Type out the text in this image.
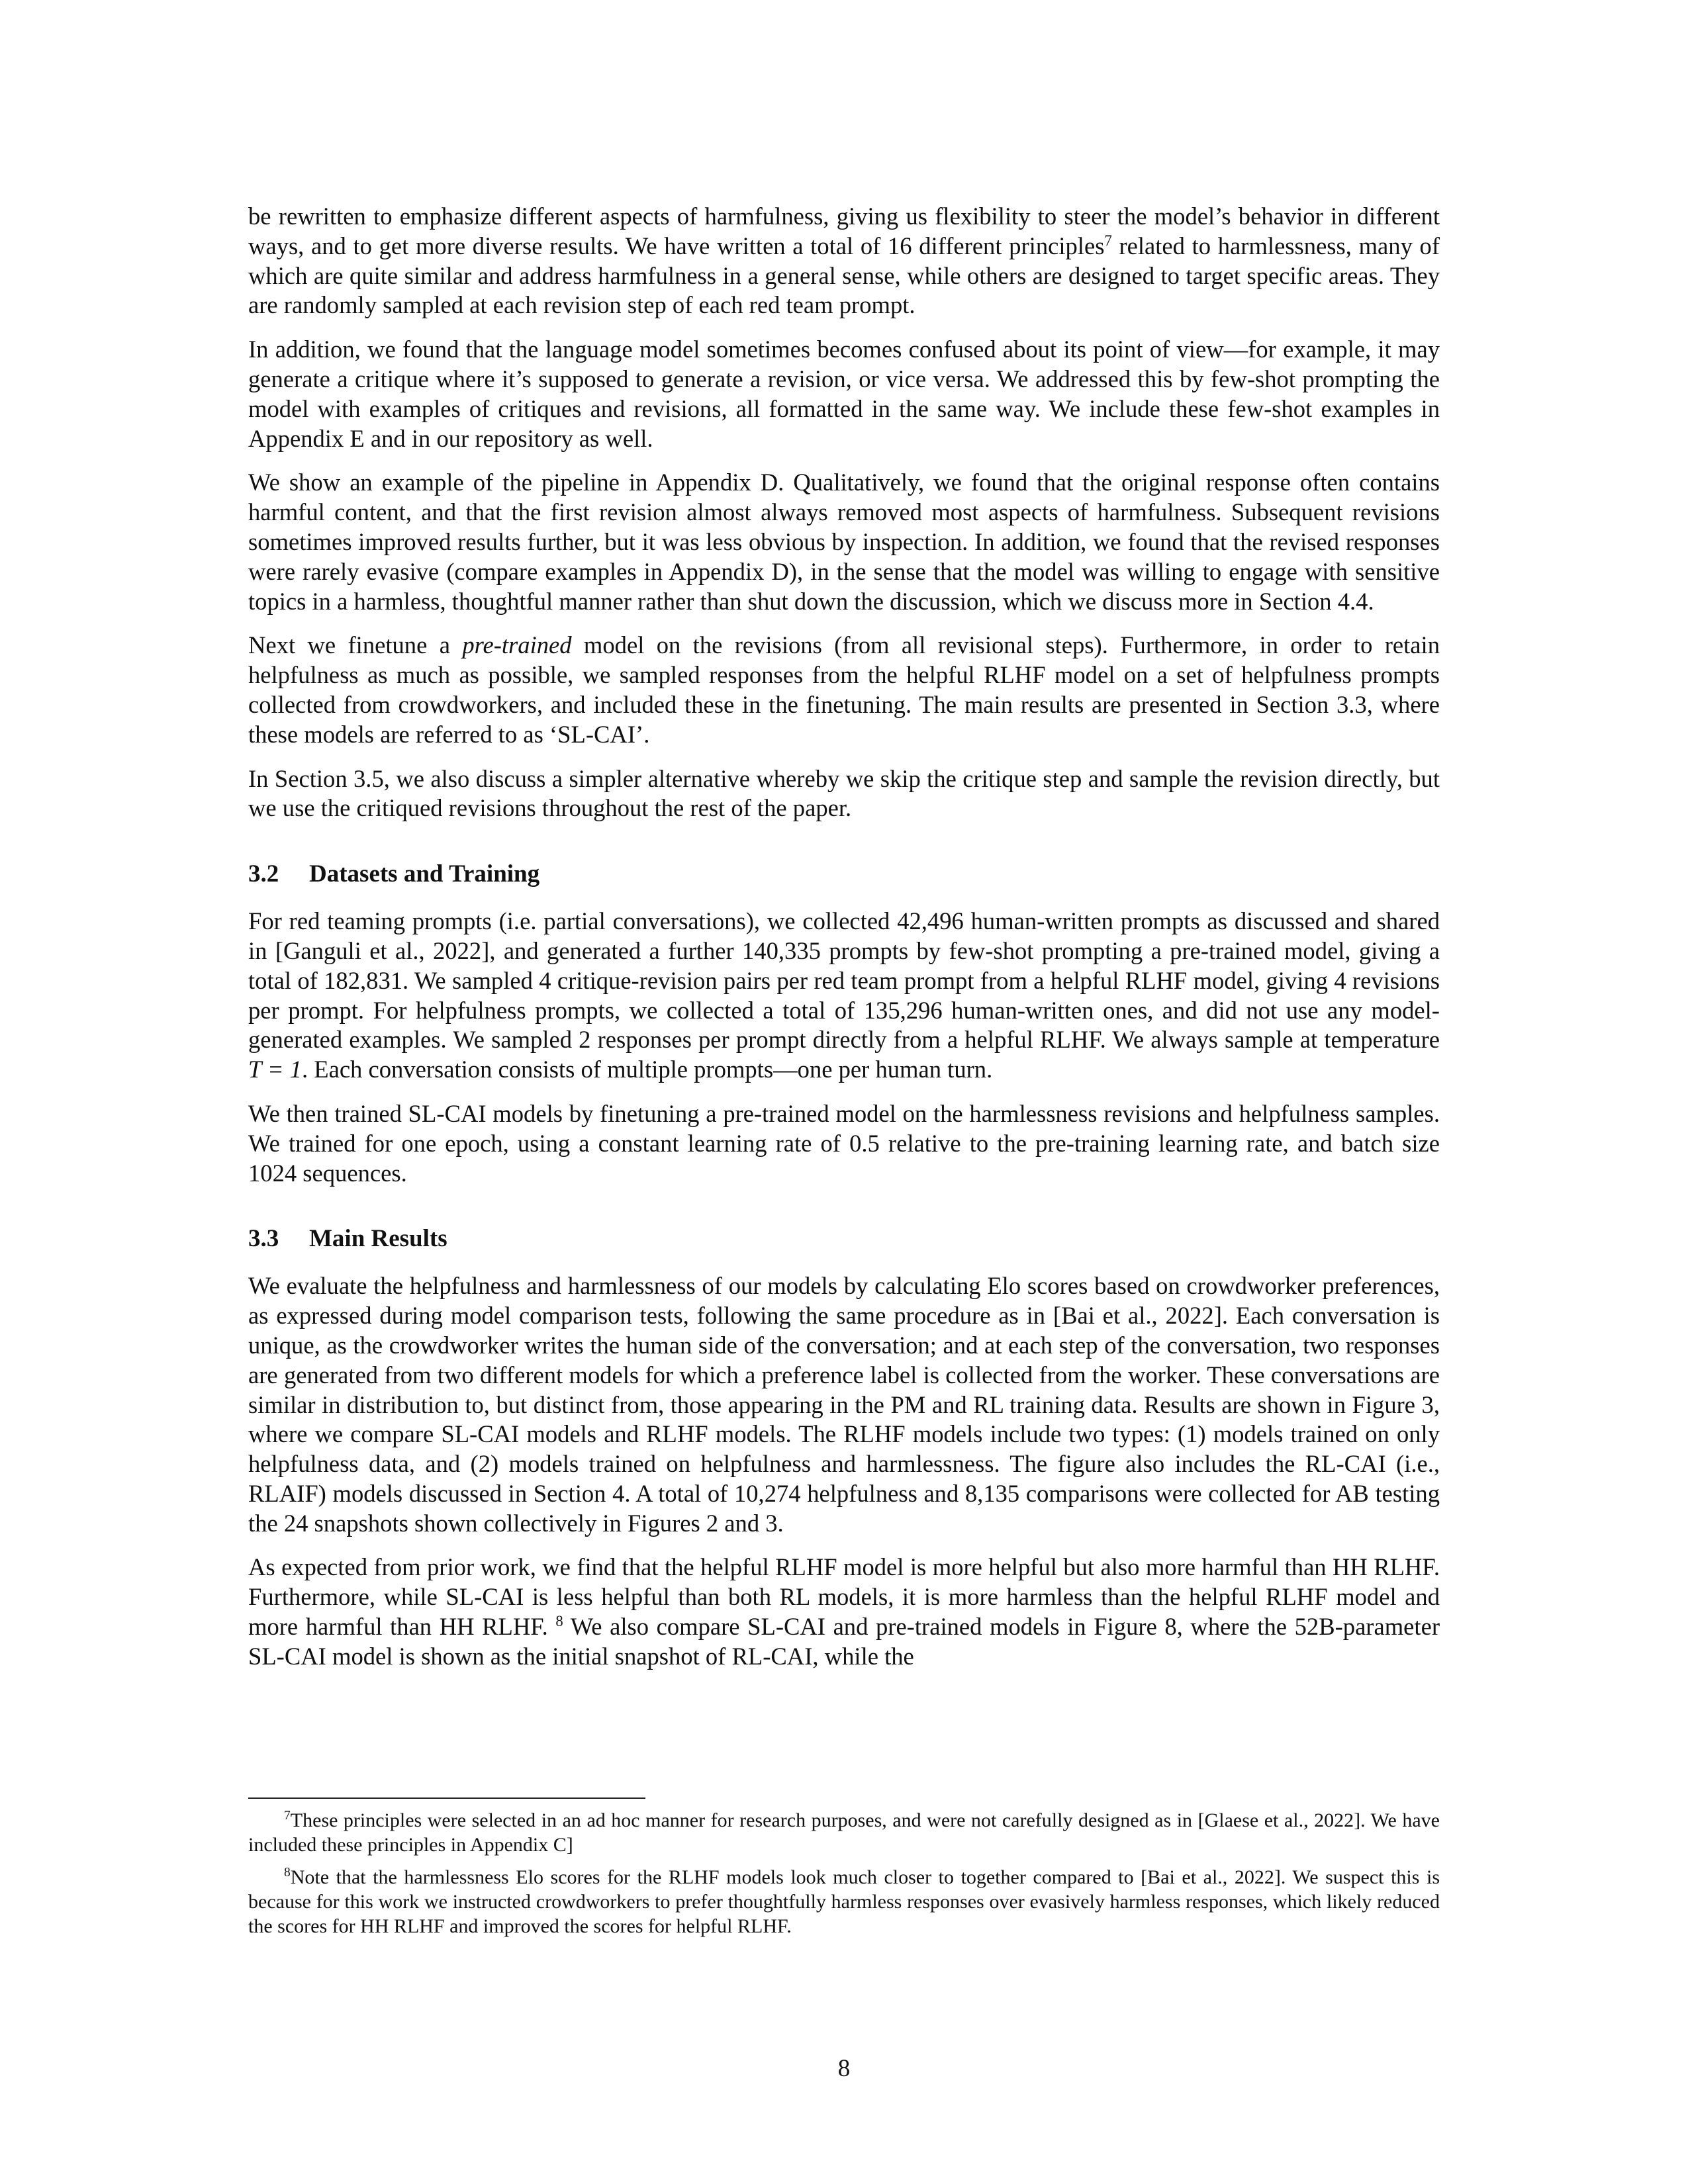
be rewritten to emphasize different aspects of harmfulness, giving us flexibility to steer the model’s behavior in different ways, and to get more diverse results. We have written a total of 16 different principles$^7$ related to harmlessness, many of which are quite similar and address harmfulness in a general sense, while others are designed to target specific areas. They are randomly sampled at each revision step of each red team prompt.

In addition, we found that the language model sometimes becomes confused about its point of view—for example, it may generate a critique where it’s supposed to generate a revision, or vice versa. We addressed this by few-shot prompting the model with examples of critiques and revisions, all formatted in the same way. We include these few-shot examples in Appendix E and in our repository as well.

We show an example of the pipeline in Appendix D. Qualitatively, we found that the original response often contains harmful content, and that the first revision almost always removed most aspects of harmfulness. Subsequent revisions sometimes improved results further, but it was less obvious by inspection. In addition, we found that the revised responses were rarely evasive (compare examples in Appendix D), in the sense that the model was willing to engage with sensitive topics in a harmless, thoughtful manner rather than shut down the discussion, which we discuss more in Section 4.4.

Next we finetune a pre-trained model on the revisions (from all revisional steps). Furthermore, in order to retain helpfulness as much as possible, we sampled responses from the helpful RLHF model on a set of helpfulness prompts collected from crowdworkers, and included these in the finetuning. The main results are presented in Section 3.3, where these models are referred to as ‘SL-CAI’.

In Section 3.5, we also discuss a simpler alternative whereby we skip the critique step and sample the revision directly, but we use the critiqued revisions throughout the rest of the paper.

3.2 Datasets and Training

For red teaming prompts (i.e. partial conversations), we collected 42,496 human-written prompts as discussed and shared in [Ganguli et al., 2022], and generated a further 140,335 prompts by few-shot prompting a pre-trained model, giving a total of 182,831. We sampled 4 critique-revision pairs per red team prompt from a helpful RLHF model, giving 4 revisions per prompt. For helpfulness prompts, we collected a total of 135,296 human-written ones, and did not use any model-generated examples. We sampled 2 responses per prompt directly from a helpful RLHF. We always sample at temperature T = 1. Each conversation consists of multiple prompts—one per human turn.

We then trained SL-CAI models by finetuning a pre-trained model on the harmlessness revisions and helpfulness samples. We trained for one epoch, using a constant learning rate of 0.5 relative to the pre-training learning rate, and batch size 1024 sequences.

3.3 Main Results

We evaluate the helpfulness and harmlessness of our models by calculating Elo scores based on crowdworker preferences, as expressed during model comparison tests, following the same procedure as in [Bai et al., 2022]. Each conversation is unique, as the crowdworker writes the human side of the conversation; and at each step of the conversation, two responses are generated from two different models for which a preference label is collected from the worker. These conversations are similar in distribution to, but distinct from, those appearing in the PM and RL training data. Results are shown in Figure 3, where we compare SL-CAI models and RLHF models. The RLHF models include two types: (1) models trained on only helpfulness data, and (2) models trained on helpfulness and harmlessness. The figure also includes the RL-CAI (i.e., RLAIF) models discussed in Section 4. A total of 10,274 helpfulness and 8,135 comparisons were collected for AB testing the 24 snapshots shown collectively in Figures 2 and 3.

As expected from prior work, we find that the helpful RLHF model is more helpful but also more harmful than HH RLHF. Furthermore, while SL-CAI is less helpful than both RL models, it is more harmless than the helpful RLHF model and more harmful than HH RLHF. $^8$ We also compare SL-CAI and pre-trained models in Figure 8, where the 52B-parameter SL-CAI model is shown as the initial snapshot of RL-CAI, while the

$^7$These principles were selected in an ad hoc manner for research purposes, and were not carefully designed as in [Glaese et al., 2022]. We have included these principles in Appendix C]

$^8$Note that the harmlessness Elo scores for the RLHF models look much closer to together compared to [Bai et al., 2022]. We suspect this is because for this work we instructed crowdworkers to prefer thoughtfully harmless responses over evasively harmless responses, which likely reduced the scores for HH RLHF and improved the scores for helpful RLHF.

8
